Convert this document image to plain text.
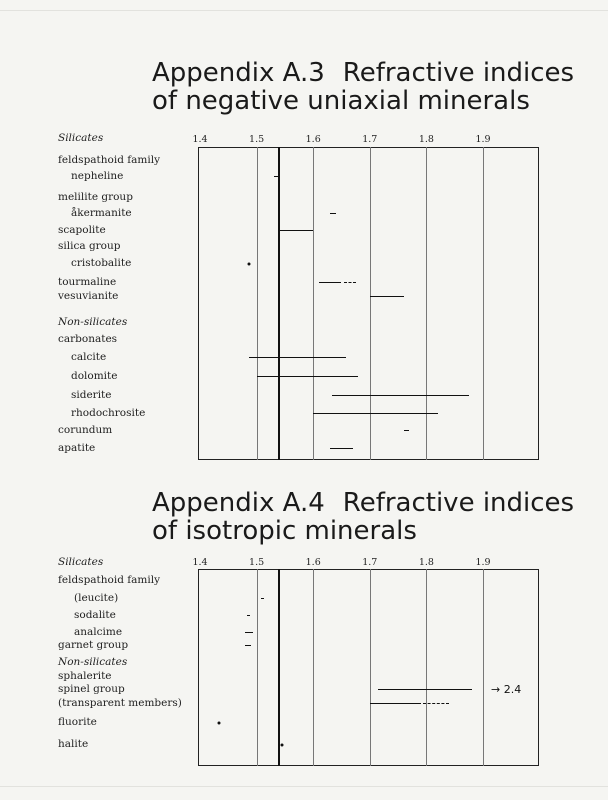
Appendix A.3 Refractive indices
of negative uniaxial minerals
1.4	1.5	1.6	1.7	1.8	1.9
Silicates
feldspathoid family
nepheline
melilite group
åkermanite
scapolite
silica group
cristobalite
tourmaline
vesuvianite
Non-silicates
carbonates
calcite
dolomite
siderite
rhodochrosite
corundum
apatite
Appendix A.4 Refractive indices
of isotropic minerals
1.4	1.5	1.6	1.7	1.8	1.9
Silicates
feldspathoid family
(leucite)
sodalite
analcime
garnet group
Non-silicates
sphalerite
spinel group	→ 2.4
(transparent members)
fluorite
halite
